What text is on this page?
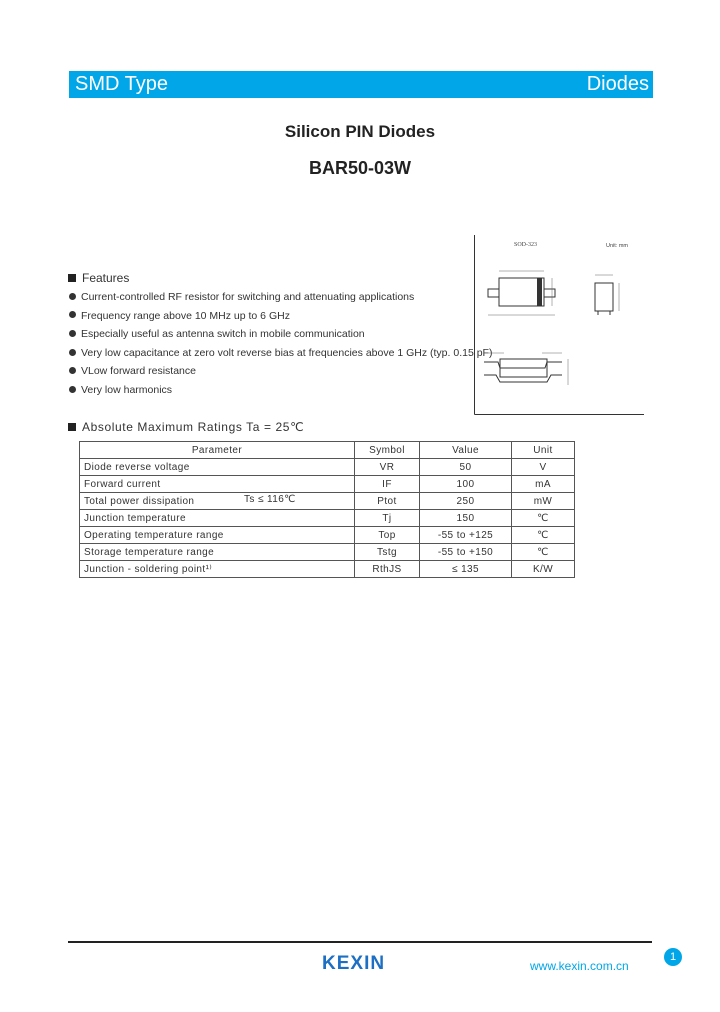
SMD Type	Diodes
Silicon PIN Diodes
BAR50-03W
Features
Current-controlled RF resistor for switching and attenuating applications
Frequency range above 10 MHz up to 6 GHz
Especially useful as antenna switch in mobile communication
Very low capacitance at zero volt reverse bias at frequencies above 1 GHz (typ. 0.15 pF)
VLow forward resistance
Very low harmonics
SOD-323	Unit: mm
Absolute Maximum Ratings Ta = 25℃
Parameter	Symbol	Value	Unit
Diode reverse voltage	VR	50	V
Forward current	IF	100	mA
Total power dissipation Ts ≤ 116℃	Ptot	250	mW
Junction temperature	Tj	150	℃
Operating temperature range	Top	-55 to +125	℃
Storage temperature range	Tstg	-55 to +150	℃
Junction - soldering point¹⁾	RthJS	≤ 135	K/W
KEXIN	www.kexin.com.cn
1
